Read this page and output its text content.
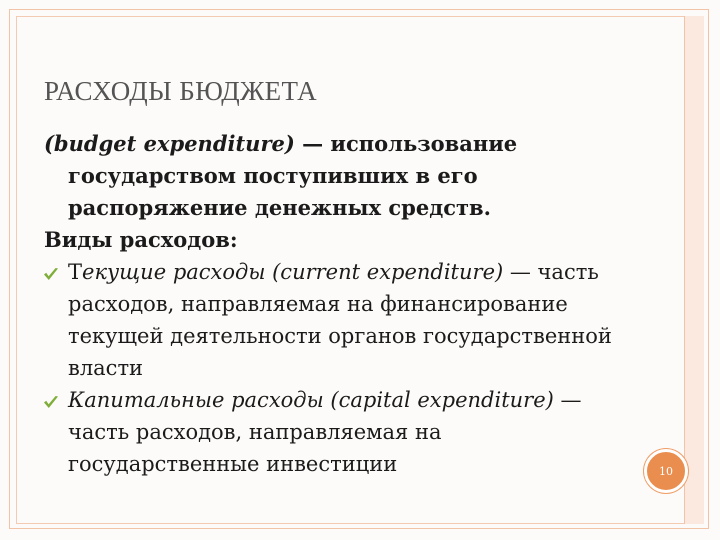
РАСХОДЫ БЮДЖЕТА

(budget expenditure) — использование государством поступивших в его распоряжение денежных средств.

Виды расходов:

Текущие расходы (current expenditure) — часть расходов, направляемая на финансирование текущей деятельности органов государственной власти
Капитальные расходы (capital expenditure) — часть расходов, направляемая на государственные инвестиции	10
